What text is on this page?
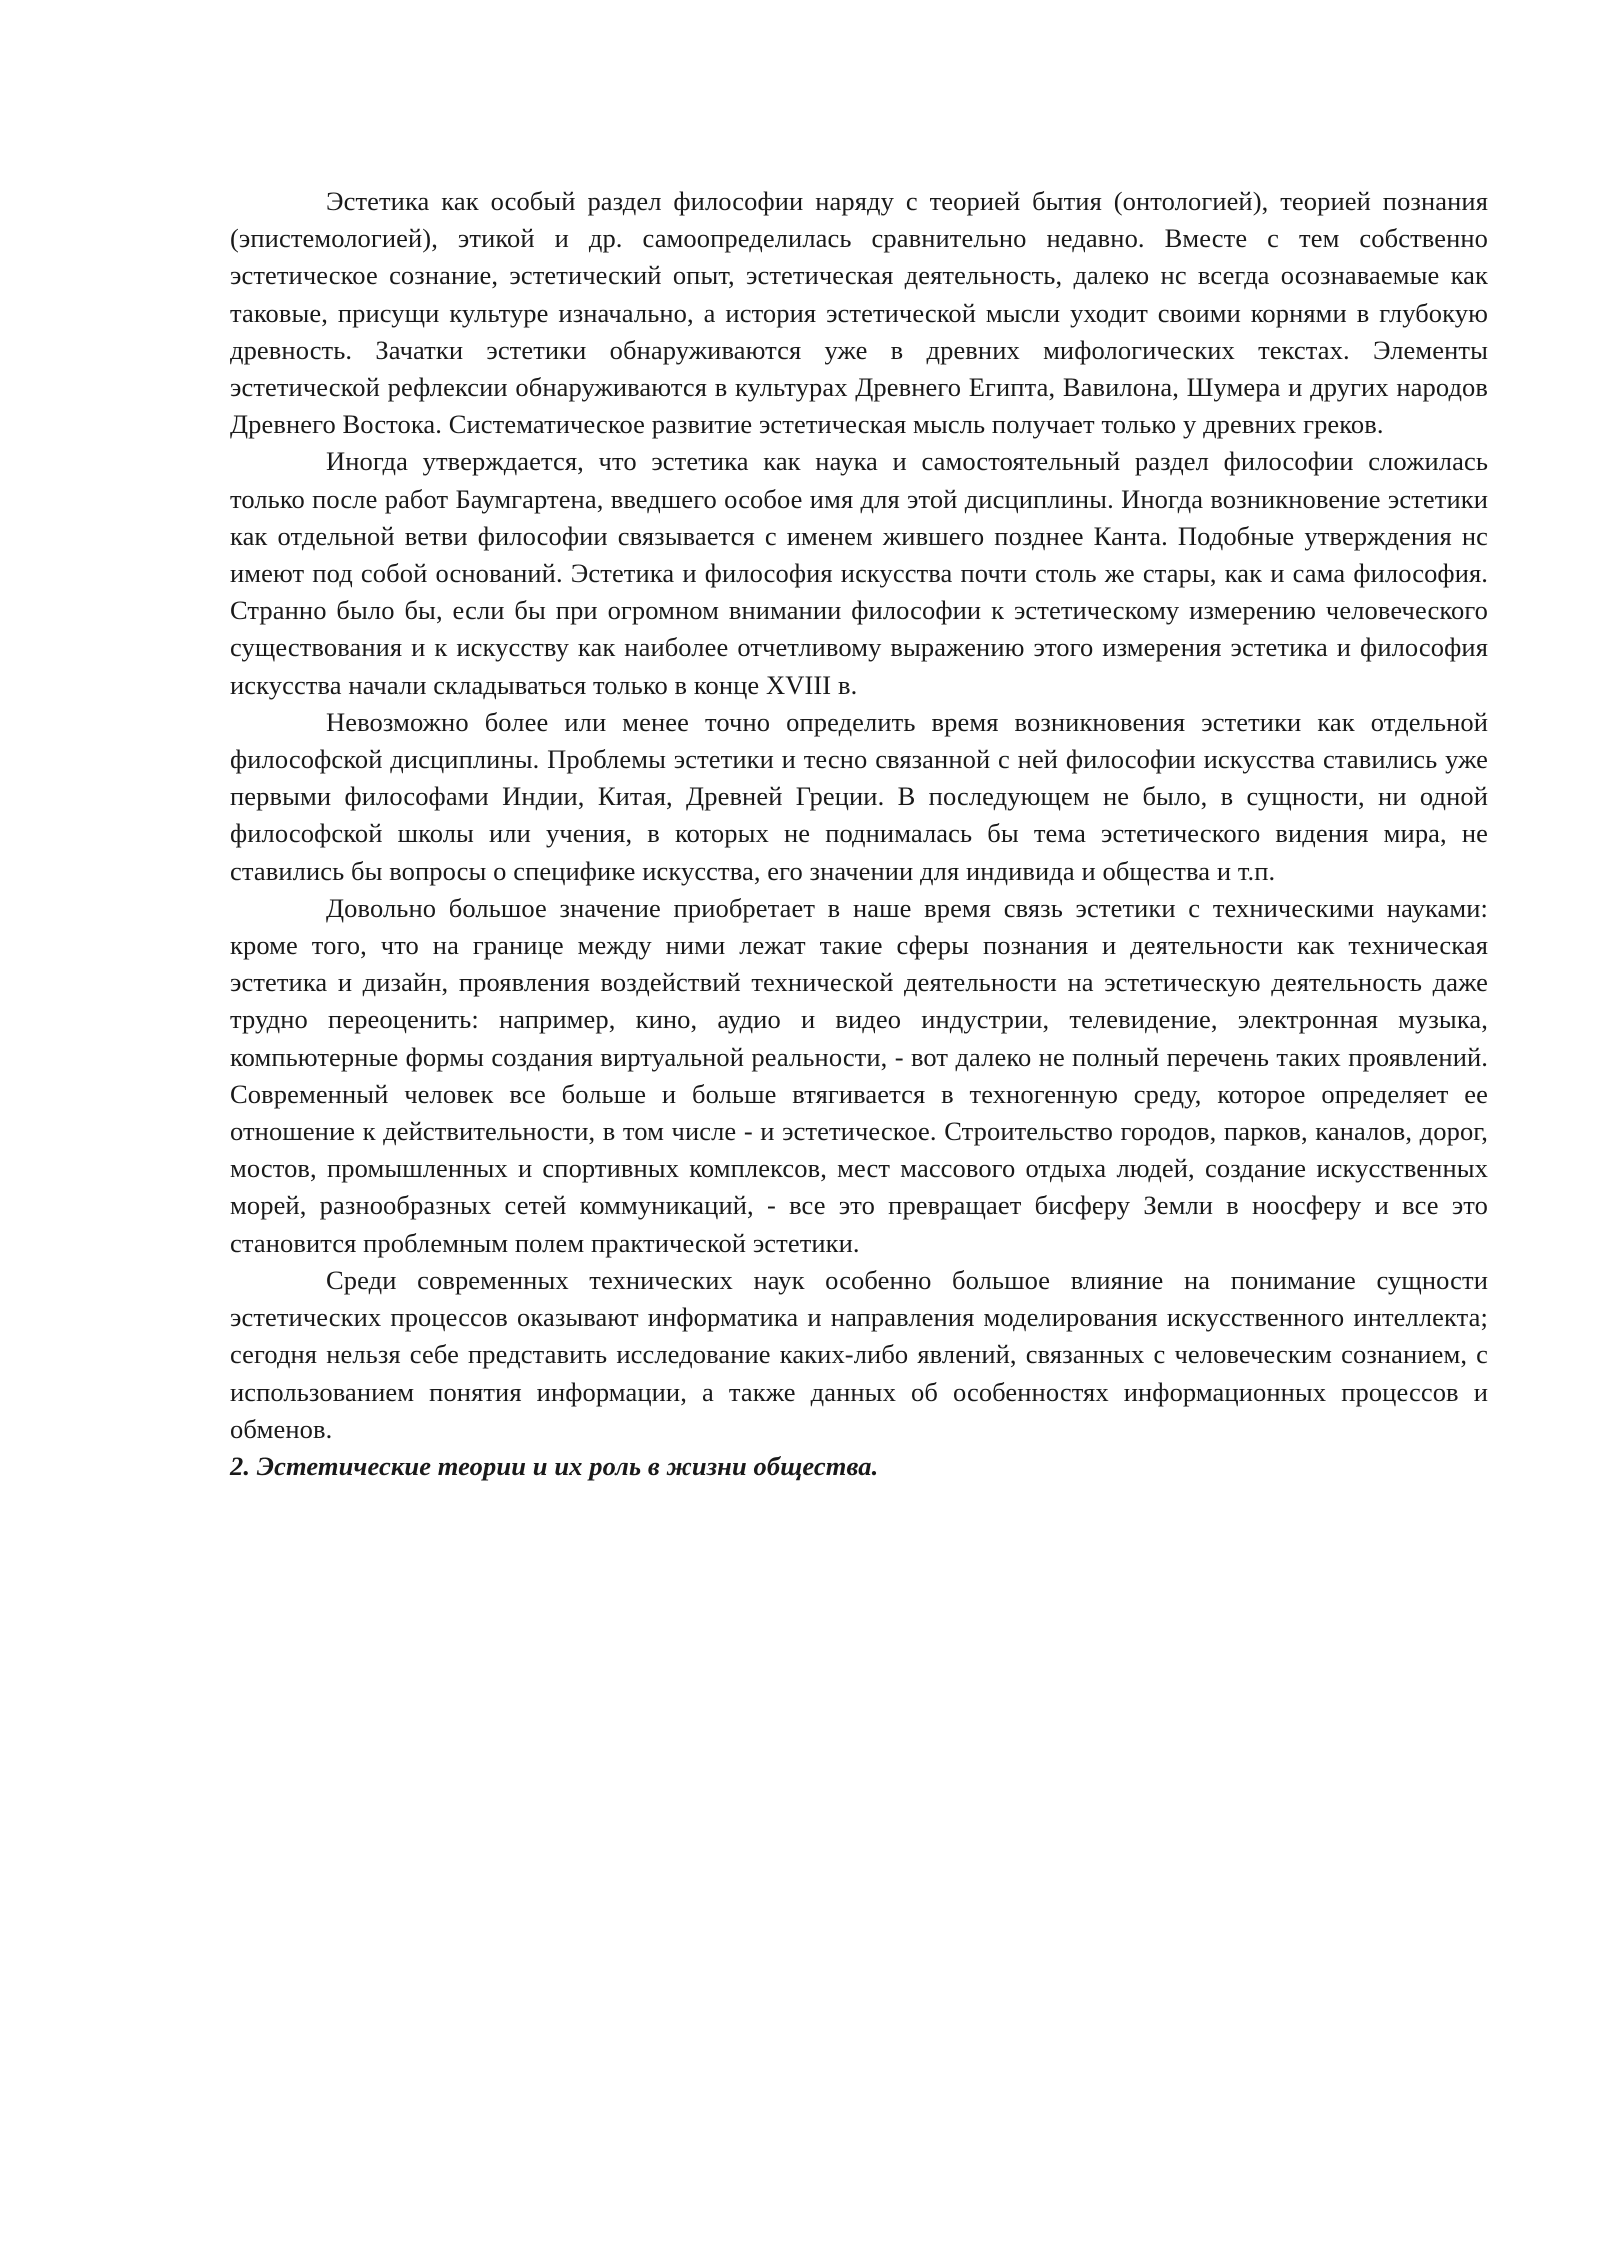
Эстетика как особый раздел философии наряду с теорией бытия (онтологией), теорией познания (эпистемологией), этикой и др. самоопределилась сравнительно недавно. Вместе с тем собственно эстетическое сознание, эстетический опыт, эстетическая деятельность, далеко нс всегда осознаваемые как таковые, присущи культуре изначально, а история эстетической мысли уходит своими корнями в глубокую древность. Зачатки эстетики обнаруживаются уже в древних мифологических текстах. Элементы эстетической рефлексии обнаруживаются в культурах Древнего Египта, Вавилона, Шумера и других народов Древнего Востока. Систематическое развитие эстетическая мысль получает только у древних греков.

Иногда утверждается, что эстетика как наука и самостоятельный раздел философии сложилась только после работ Баумгартена, введшего особое имя для этой дисциплины. Иногда возникновение эстетики как отдельной ветви философии связывается с именем жившего позднее Канта. Подобные утверждения нс имеют под собой оснований. Эстетика и философия искусства почти столь же стары, как и сама философия. Странно было бы, если бы при огромном внимании философии к эстетическому измерению человеческого существования и к искусству как наиболее отчетливому выражению этого измерения эстетика и философия искусства начали складываться только в конце XVIII в.

Невозможно более или менее точно определить время возникновения эстетики как отдельной философской дисциплины. Проблемы эстетики и тесно связанной с ней философии искусства ставились уже первыми философами Индии, Китая, Древней Греции. В последующем не было, в сущности, ни одной философской школы или учения, в которых не поднималась бы тема эстетического видения мира, не ставились бы вопросы о специфике искусства, его значении для индивида и общества и т.п.

Довольно большое значение приобретает в наше время связь эстетики с техническими науками: кроме того, что на границе между ними лежат такие сферы познания и деятельности как техническая эстетика и дизайн, проявления воздействий технической деятельности на эстетическую деятельность даже трудно переоценить: например, кино, аудио и видео индустрии, телевидение, электронная музыка, компьютерные формы создания виртуальной реальности, - вот далеко не полный перечень таких проявлений. Современный человек все больше и больше втягивается в техногенную среду, которое определяет ее отношение к действительности, в том числе - и эстетическое. Строительство городов, парков, каналов, дорог, мостов, промышленных и спортивных комплексов, мест массового отдыха людей, создание искусственных морей, разнообразных сетей коммуникаций, - все это превращает бисферу Земли в ноосферу и все это становится проблемным полем практической эстетики.

Среди современных технических наук особенно большое влияние на понимание сущности эстетических процессов оказывают информатика и направления моделирования искусственного интеллекта; сегодня нельзя себе представить исследование каких-либо явлений, связанных с человеческим сознанием, с использованием понятия информации, а также данных об особенностях информационных процессов и обменов.

2. Эстетические теории и их роль в жизни общества.
